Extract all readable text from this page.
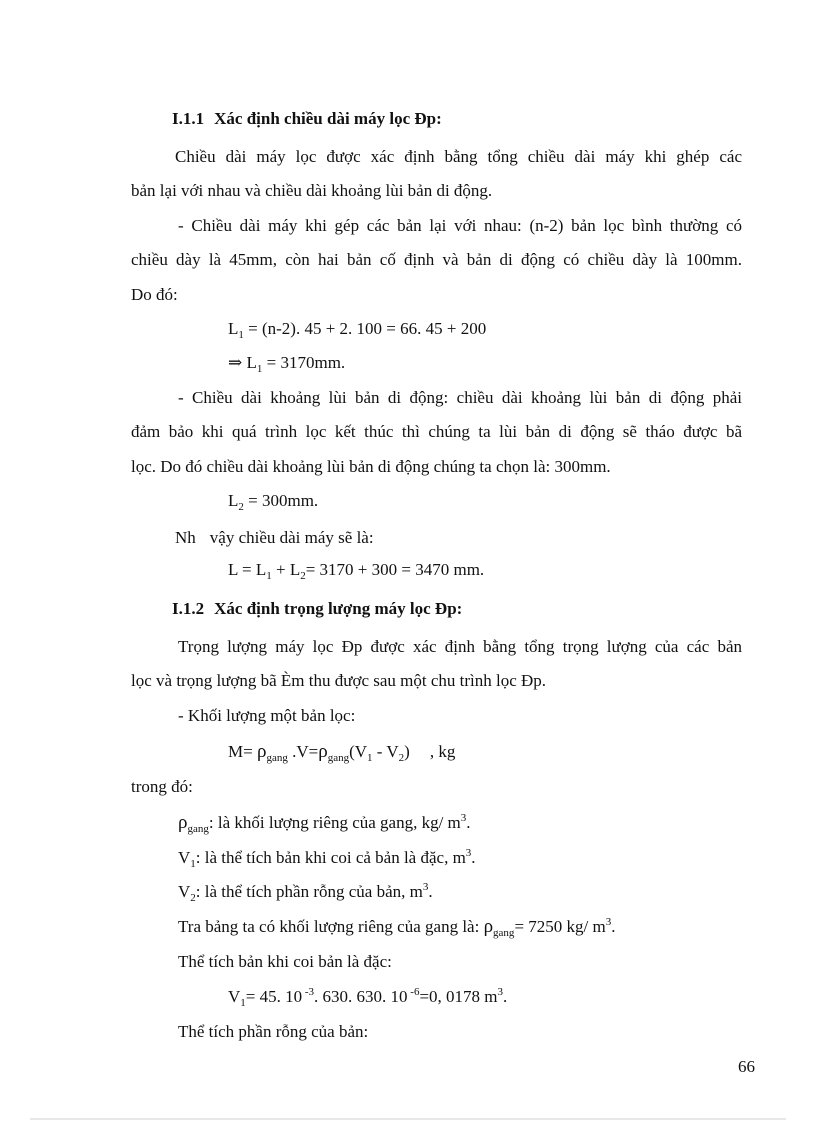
I.1.1 Xác định chiều dài máy lọc Đp:
Chiều dài máy lọc được xác định bằng tổng chiều dài máy khi ghép các
bản lại với nhau và chiều dài khoảng lùi bản di động.
- Chiều dài máy khi gép các bản lại với nhau: (n-2) bản lọc bình thường có
chiều dày là 45mm, còn hai bản cố định và bản di động có chiều dày là 100mm.
Do đó:
$L_1 = (n-2)$. 45 + 2. 100 = 66. 45 + 200
⇒ $L_1 = 3170mm$.
- Chiều dài khoảng lùi bản di động: chiều dài khoảng lùi bản di động phải
đảm bảo khi quá trình lọc kết thúc thì chúng ta lùi bản di động sẽ tháo được bã
lọc. Do đó chiều dài khoảng lùi bản di động chúng ta chọn là: 300mm.
$L_2 = 300mm$.
Nh vậy chiều dài máy sẽ là:
$L = L_1 + L_2= 3170 + 300 = 3470$ mm.
I.1.2 Xác định trọng lượng máy lọc Đp:
Trọng lượng máy lọc Đp được xác định bằng tổng trọng lượng của các bản
lọc và trọng lượng bã Èm thu được sau một chu trình lọc Đp.
- Khối lượng một bản lọc:
$M= \rho_{gang}$ $.V=\rho_{gang}(V_1 - V_2)$ , kg
trong đó:
$\rho_{gang}$: là khối lượng riêng của gang, kg/ $m^3$.
$V_1$: là thể tích bản khi coi cả bản là đặc, $m^3$.
$V_2$: là thể tích phần rỗng của bản, $m^3$.
Tra bảng ta có khối lượng riêng của gang là: $\rho_{gang}= 7250$ kg/ $m^3$.
Thể tích bản khi coi bản là đặc:
$V_1= 45$. 10 $^{-3}$. 630. 630. 10 $^{-6}$=0, 0178 $m^3$.
Thể tích phần rỗng của bản:
66
